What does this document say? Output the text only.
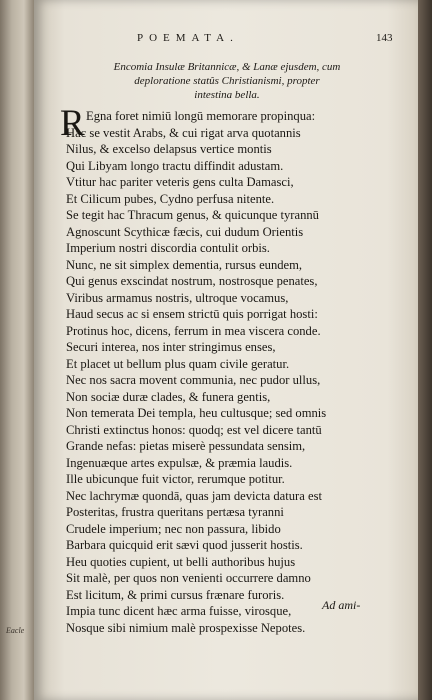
POEMATA.	143
Encomia Insulæ Britannicæ, & Lanæ ejusdem, cum
deploratione statûs Christianismi, propter
intestina bella.
R Egna foret nimiū longū memorare propinqua:
Hac se vestit Arabs, & cui rigat arva quotannis
Nilus, & excelso delapsus vertice montis
Qui Libyam longo tractu diffindit adustam.
Vtitur hac pariter veteris gens culta Damasci,
Et Cilicum pubes, Cydno perfusa nitente.
Se tegit hac Thracum genus, & quicunque tyrannū
Agnoscunt Scythicæ fæcis, cui dudum Orientis
Imperium nostri discordia contulit orbis.
Nunc, ne sit simplex dementia, rursus eundem,
Qui genus exscindat nostrum, nostrosque penates,
Viribus armamus nostris, ultroque vocamus,
Haud secus ac si ensem strictū quis porrigat hosti:
Protinus hoc, dicens, ferrum in mea viscera conde.
Securi interea, nos inter stringimus enses,
Et placet ut bellum plus quam civile geratur.
Nec nos sacra movent communia, nec pudor ullus,
Non sociæ duræ clades, & funera gentis,
Non temerata Dei templa, heu cultusque; sed omnis
Christi extinctus honos: quodq; est vel dicere tantū
Grande nefas: pietas miserè pessundata sensim,
Ingenuæque artes expulsæ, & præmia laudis.
Ille ubicunque fuit victor, rerumque potitur.
Nec lachrymæ quondā, quas jam devicta datura est
Posteritas, frustra queritans pertæsa tyranni
Crudele imperium; nec non passura, libido
Barbara quicquid erit sævi quod jusserit hostis.
Heu quoties cupient, ut belli authoribus hujus
Sit malè, per quos non venienti occurrere damno
Est licitum, & primi cursus frænare furoris.
Impia tunc dicent hæc arma fuisse, virosque,
Nosque sibi nimium malè prospexisse Nepotes.
Ad ami-
Eacle
